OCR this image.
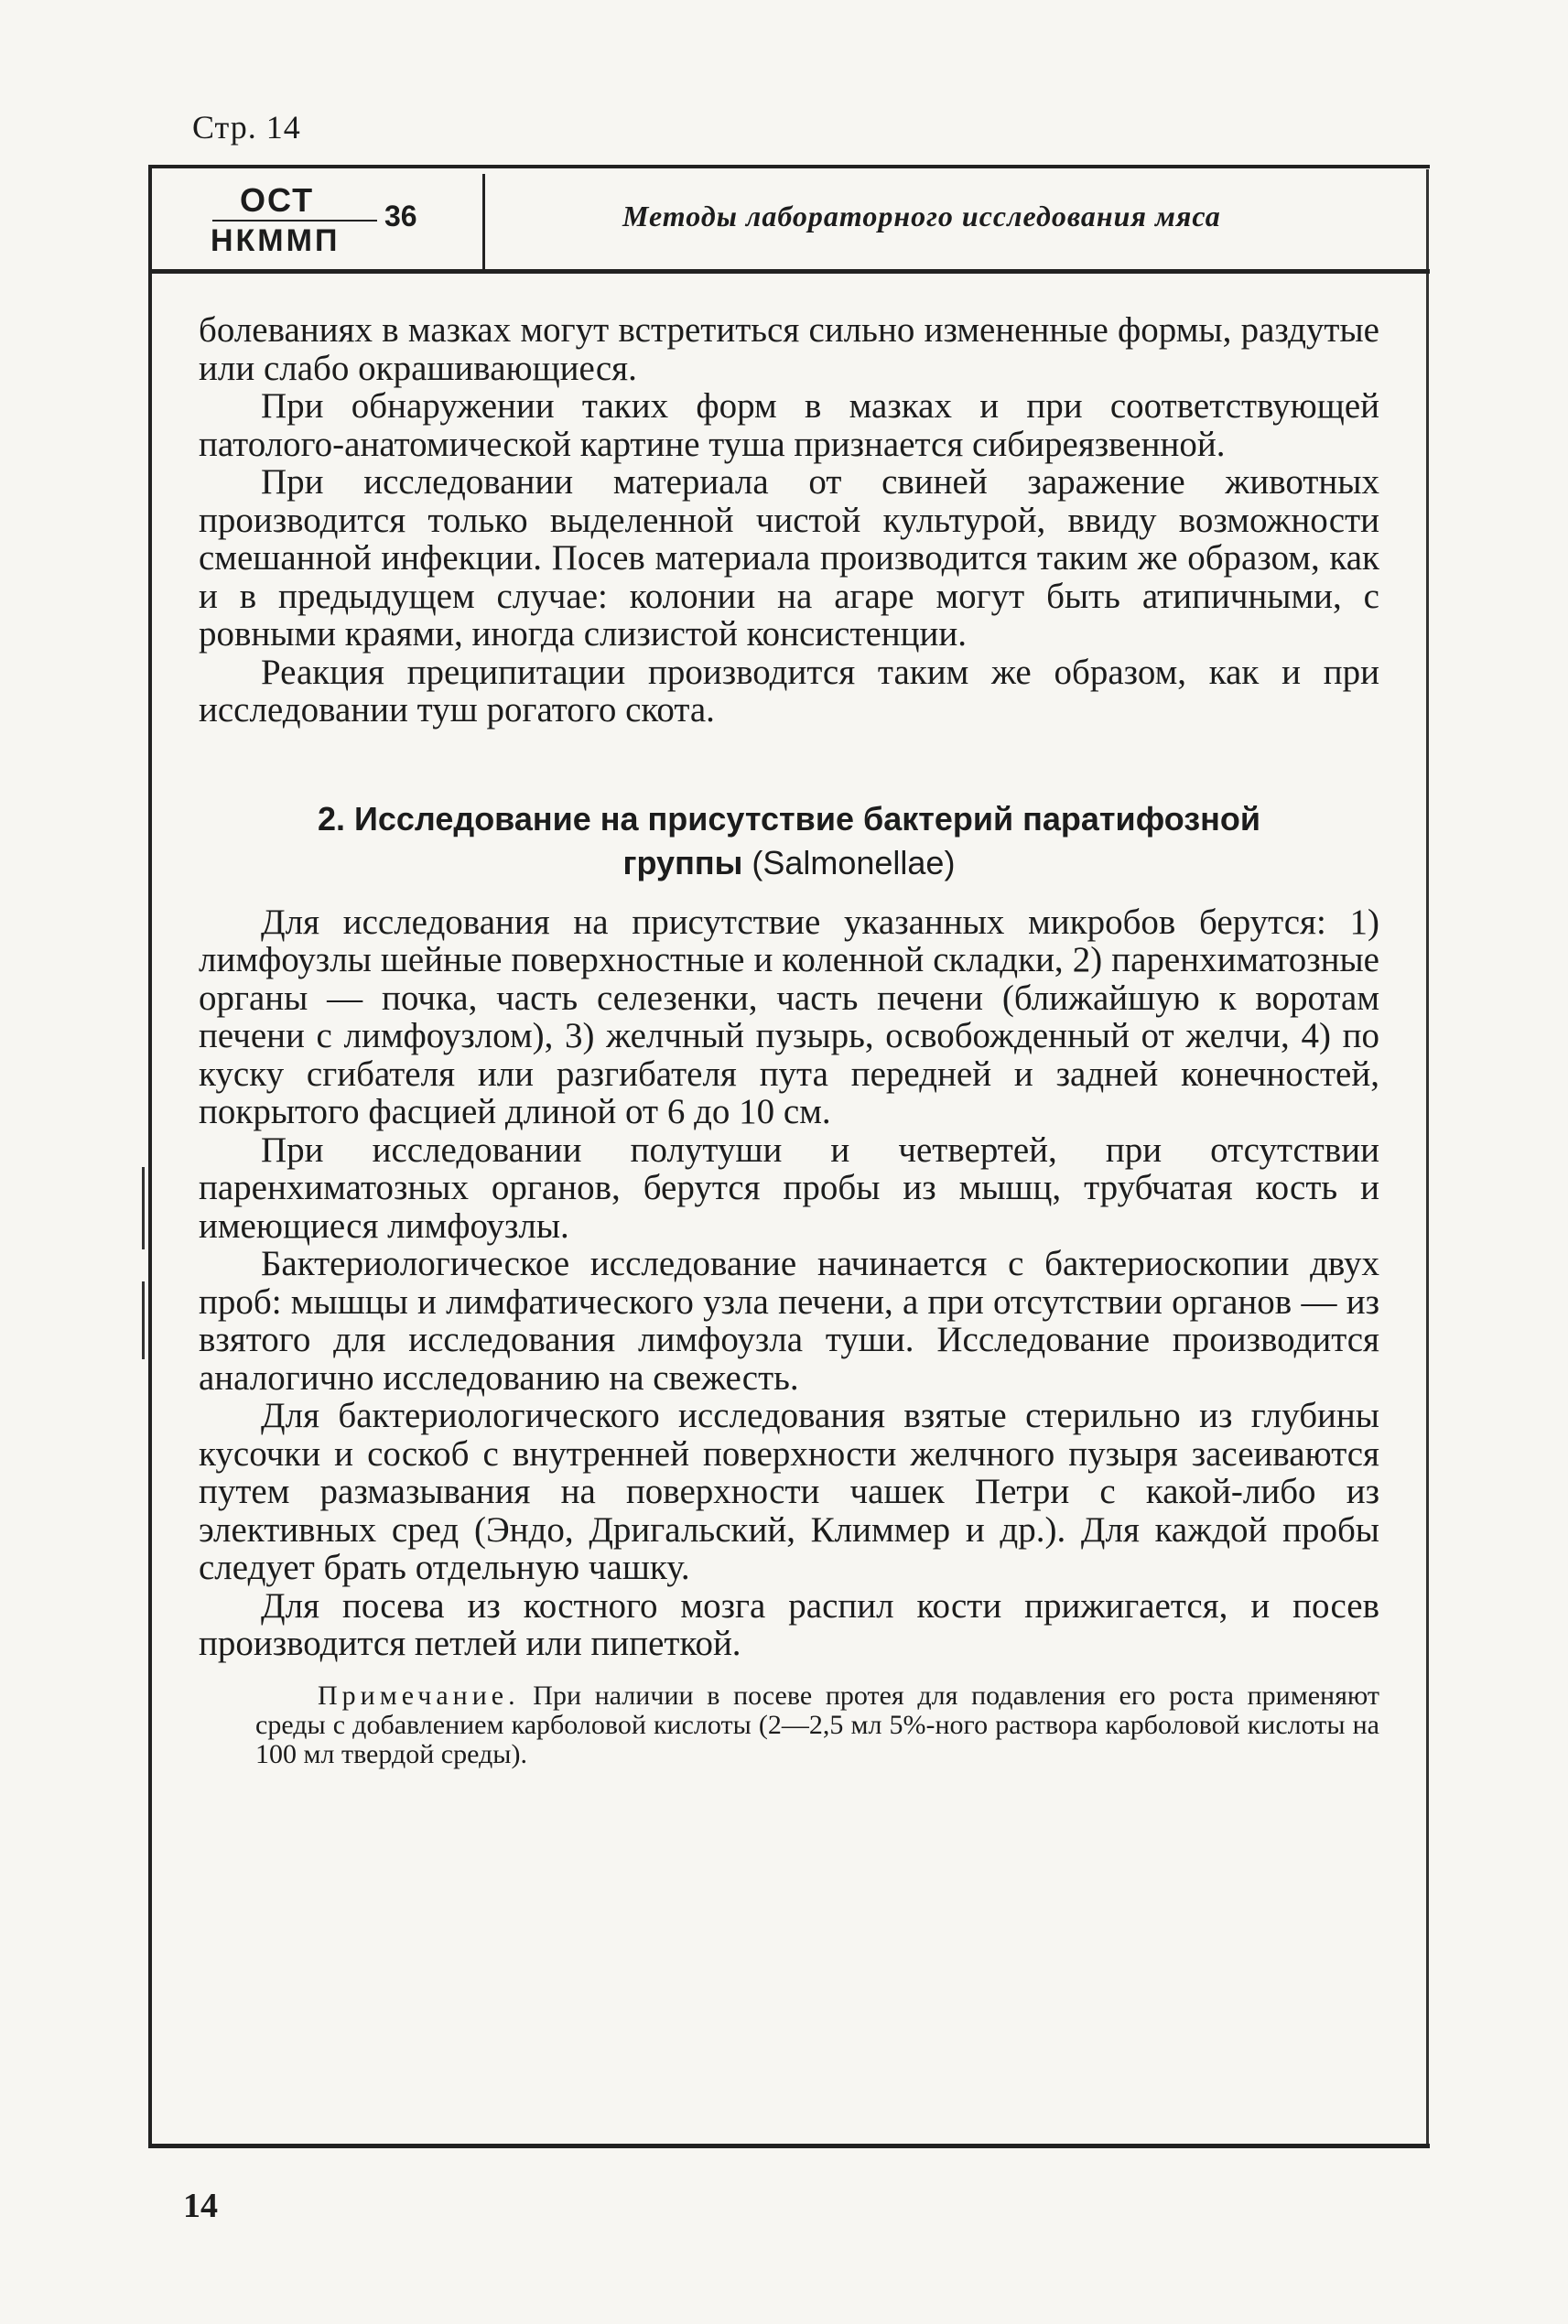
Стр. 14
ОСТ
НКММП
36	Методы лабораторного исследования мяса

болеваниях в мазках могут встретиться сильно измененные формы, раздутые или слабо окрашивающиеся.

При обнаружении таких форм в мазках и при соответствующей патолого-анатомической картине туша признается сибиреязвенной.

При исследовании материала от свиней заражение животных производится только выделенной чистой культурой, ввиду возможности смешанной инфекции. Посев материала производится таким же образом, как и в предыдущем случае: колонии на агаре могут быть атипичными, с ровными краями, иногда слизистой консистенции.

Реакция преципитации производится таким же образом, как и при исследовании туш рогатого скота.

2. Исследование на присутствие бактерий паратифозной группы (Salmonellae)

Для исследования на присутствие указанных микробов берутся: 1) лимфоузлы шейные поверхностные и коленной складки, 2) паренхиматозные органы — почка, часть селезенки, часть печени (ближайшую к воротам печени с лимфоузлом), 3) желчный пузырь, освобожденный от желчи, 4) по куску сгибателя или разгибателя пута передней и задней конечностей, покрытого фасцией длиной от 6 до 10 см.

При исследовании полутуши и четвертей, при отсутствии паренхиматозных органов, берутся пробы из мышц, трубчатая кость и имеющиеся лимфоузлы.

Бактериологическое исследование начинается с бактериоскопии двух проб: мышцы и лимфатического узла печени, а при отсутствии органов — из взятого для исследования лимфоузла туши. Исследование производится аналогично исследованию на свежесть.

Для бактериологического исследования взятые стерильно из глубины кусочки и соскоб с внутренней поверхности желчного пузыря засеиваются путем размазывания на поверхности чашек Петри с какой-либо из элективных сред (Эндо, Дригальский, Климмер и др.). Для каждой пробы следует брать отдельную чашку.

Для посева из костного мозга распил кости прижигается, и посев производится петлей или пипеткой.

Примечание. При наличии в посеве протея для подавления его роста применяют среды с добавлением карболовой кислоты (2—2,5 мл 5%-ного раствора карболовой кислоты на 100 мл твердой среды).

14
